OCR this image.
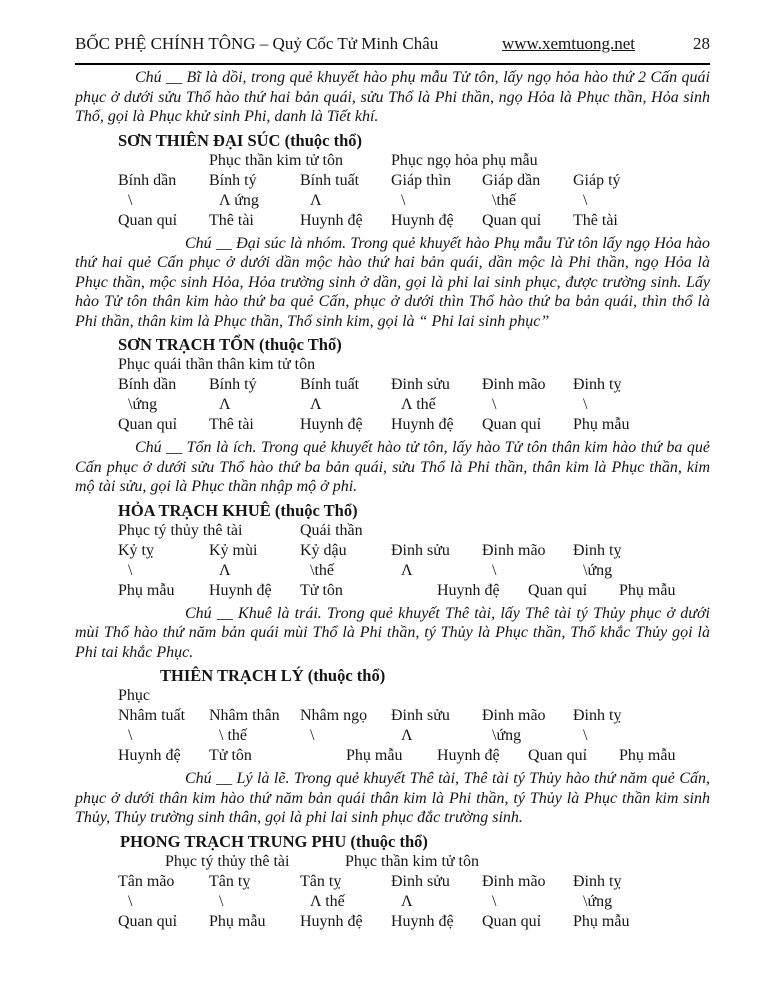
BỐC PHỆ CHÍNH TÔNG – Quỷ Cốc Tử Minh Châu	www.xemtuong.net	28

Chú __ Bĩ là dồi, trong quẻ khuyết hào phụ mẫu Tử tôn, lấy ngọ hỏa hào thứ 2 Cấn quái phục ở dưới sửu Thổ hào thứ hai bản quái, sửu Thổ là Phi thần, ngọ Hỏa là Phục thần, Hỏa sinh Thổ, gọi là Phục khử sinh Phi, danh là Tiết khí.

SƠN THIÊN ĐẠI SÚC (thuộc thổ)
Phục thần kim tử tôn	Phục ngọ hỏa phụ mẫu
Bính dần	Bính tý	Bính tuất	Giáp thìn	Giáp dần	Giáp tý
\	Λ ứng	Λ	\	\thế	\
Quan quỉ	Thê tài	Huynh đệ	Huynh đệ	Quan quỉ	Thê tài

Chú __ Đại súc là nhóm. Trong quẻ khuyết hào Phụ mẫu Tử tôn lấy ngọ Hỏa hào thứ hai quẻ Cấn phục ở dưới dần mộc hào thứ hai bản quái, dần mộc là Phi thần, ngọ Hỏa là Phục thần, mộc sinh Hỏa, Hỏa trường sinh ở dần, gọi là phi lai sinh phục, được trường sinh. Lấy hào Tử tôn thân kim hào thứ ba quẻ Cấn, phục ở dưới thìn Thổ hào thứ ba bản quái, thìn thổ là Phi thần, thân kim là Phục thần, Thổ sinh kim, gọi là “ Phi lai sinh phục”

SƠN TRẠCH TỔN (thuộc Thổ)
Phục quái thần thân kim tử tôn
Bính dần	Bính tý	Bính tuất	Đinh sửu	Đinh mão	Đinh tỵ
\ứng	Λ	Λ	Λ thế	\	\
Quan quỉ	Thê tài	Huynh đệ	Huynh đệ	Quan quỉ	Phụ mẫu

Chú __ Tổn là ích. Trong quẻ khuyết hào tử tôn, lấy hào Tử tôn thân kim hào thứ ba quẻ Cấn phục ở dưới sửu Thổ hào thứ ba bản quái, sửu Thổ là Phi thần, thân kim là Phục thần, kim mộ tài sửu, gọi là Phục thần nhập mộ ở phi.

HỎA TRẠCH KHUÊ (thuộc Thổ)
Phục tý thủy thê tài	Quái thần
Kỷ tỵ	Kỷ mùi	Kỷ dậu	Đinh sửu	Đinh mão	Đinh tỵ
\	Λ	\thế	Λ	\	\ứng
Phụ mẫu	Huynh đệ	Tử tôn	Huynh đệ	Quan quỉ	Phụ mẫu

Chú __ Khuê là trái. Trong quẻ khuyết Thê tài, lấy Thê tài tý Thủy phục ở dưới mùi Thổ hào thứ năm bản quái mùi Thổ là Phi thần, tý Thủy là Phục thần, Thổ khắc Thủy gọi là Phi tai khắc Phục.

THIÊN TRẠCH LÝ (thuộc thổ)
Phục
Nhâm tuất	Nhâm thân	Nhâm ngọ	Đinh sửu	Đinh mão	Đinh tỵ
\	\ thế	\	Λ	\ứng	\
Huynh đệ	Tử tôn	Phụ mẫu	Huynh đệ	Quan quỉ	Phụ mẫu

Chú __ Lý là lẽ. Trong quẻ khuyết Thê tài, Thê tài tý Thủy hào thứ năm quẻ Cấn, phục ở dưới thân kim hào thứ năm bản quái thân kim là Phi thần, tý Thủy là Phục thần kim sinh Thủy, Thủy trường sinh thân, gọi là phi lai sinh phục đắc trường sinh.

PHONG TRẠCH TRUNG PHU (thuộc thổ)
Phục tý thủy thê tài	Phục thần kim tử tôn
Tân mão	Tân tỵ	Tân tỵ	Đinh sửu	Đinh mão	Đinh tỵ
\	\	Λ thế	Λ	\	\ứng
Quan quỉ	Phụ mẫu	Huynh đệ	Huynh đệ	Quan quỉ	Phụ mẫu
